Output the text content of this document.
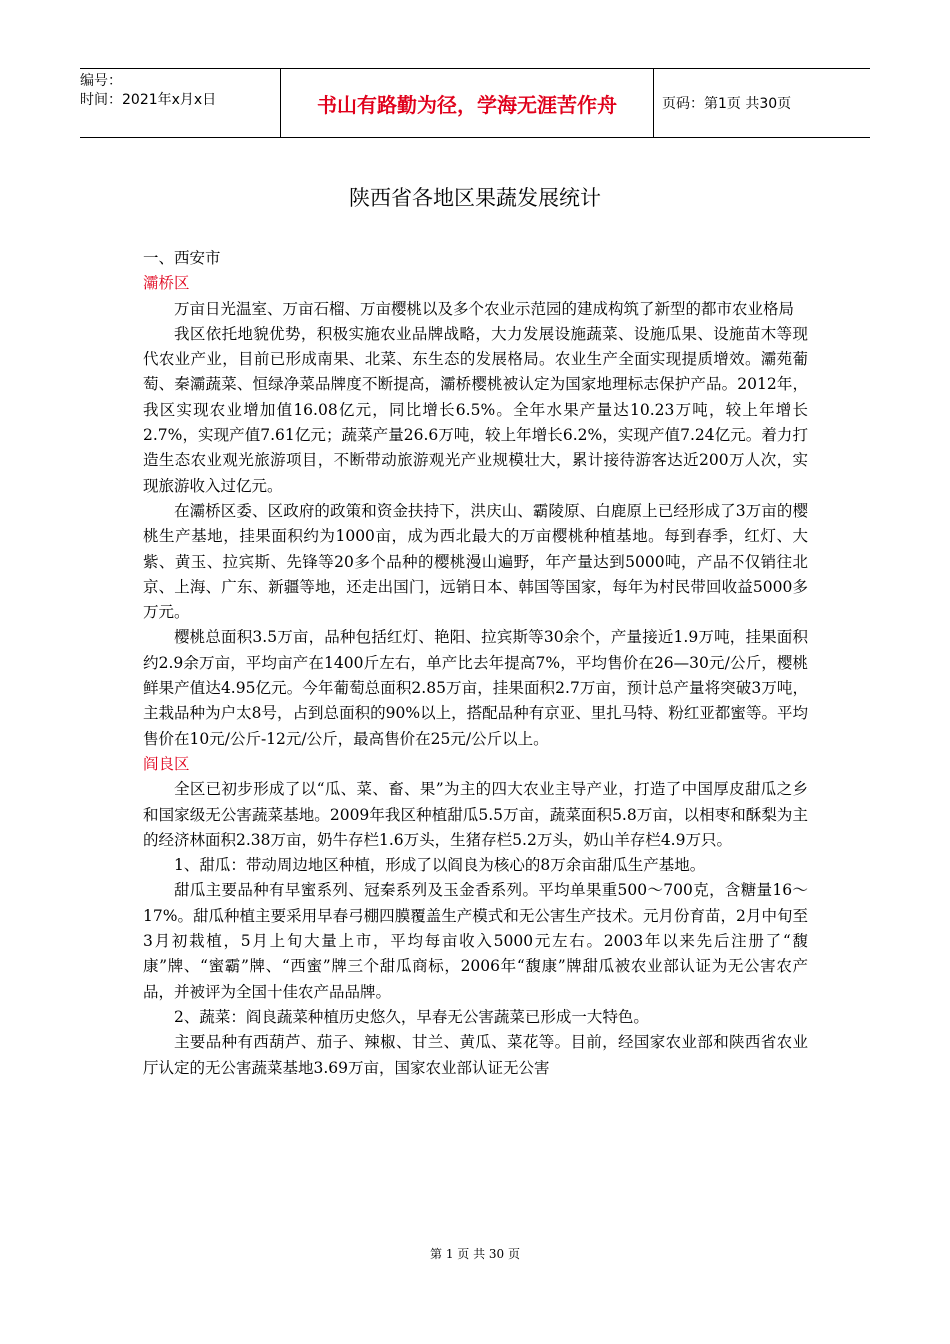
编号：
时间：2021年x月x日	书山有路勤为径，学海无涯苦作舟	页码：第1页 共30页
陕西省各地区果蔬发展统计

一、西安市

灞桥区

万亩日光温室、万亩石榴、万亩樱桃以及多个农业示范园的建成构筑了新型的都市农业格局

我区依托地貌优势，积极实施农业品牌战略，大力发展设施蔬菜、设施瓜果、设施苗木等现代农业产业，目前已形成南果、北菜、东生态的发展格局。农业生产全面实现提质增效。灞苑葡萄、秦灞蔬菜、恒绿净菜品牌度不断提高，灞桥樱桃被认定为国家地理标志保护产品。2012年，我区实现农业增加值16.08亿元，同比增长6.5%。全年水果产量达10.23万吨，较上年增长2.7%，实现产值7.61亿元；蔬菜产量26.6万吨，较上年增长6.2%，实现产值7.24亿元。着力打造生态农业观光旅游项目，不断带动旅游观光产业规模壮大，累计接待游客达近200万人次，实现旅游收入过亿元。

在灞桥区委、区政府的政策和资金扶持下，洪庆山、霸陵原、白鹿原上已经形成了3万亩的樱桃生产基地，挂果面积约为1000亩，成为西北最大的万亩樱桃种植基地。每到春季，红灯、大紫、黄玉、拉宾斯、先锋等20多个品种的樱桃漫山遍野，年产量达到5000吨，产品不仅销往北京、上海、广东、新疆等地，还走出国门，远销日本、韩国等国家，每年为村民带回收益5000多万元。

樱桃总面积3.5万亩，品种包括红灯、艳阳、拉宾斯等30余个，产量接近1.9万吨，挂果面积约2.9余万亩，平均亩产在1400斤左右，单产比去年提高7%，平均售价在26—30元/公斤，樱桃鲜果产值达4.95亿元。今年葡萄总面积2.85万亩，挂果面积2.7万亩，预计总产量将突破3万吨，主栽品种为户太8号，占到总面积的90%以上，搭配品种有京亚、里扎马特、粉红亚都蜜等。平均售价在10元/公斤-12元/公斤，最高售价在25元/公斤以上。

阎良区

全区已初步形成了以“瓜、菜、畜、果”为主的四大农业主导产业，打造了中国厚皮甜瓜之乡和国家级无公害蔬菜基地。2009年我区种植甜瓜5.5万亩，蔬菜面积5.8万亩，以相枣和酥梨为主的经济林面积2.38万亩，奶牛存栏1.6万头，生猪存栏5.2万头，奶山羊存栏4.9万只。

1、甜瓜：带动周边地区种植，形成了以阎良为核心的8万余亩甜瓜生产基地。

甜瓜主要品种有早蜜系列、冠秦系列及玉金香系列。平均单果重500～700克，含糖量16～17%。甜瓜种植主要采用早春弓棚四膜覆盖生产模式和无公害生产技术。元月份育苗，2月中旬至3月初栽植，5月上旬大量上市，平均每亩收入5000元左右。2003年以来先后注册了“馥康”牌、“蜜霸”牌、“西蜜”牌三个甜瓜商标，2006年“馥康”牌甜瓜被农业部认证为无公害农产品，并被评为全国十佳农产品品牌。

2、蔬菜：阎良蔬菜种植历史悠久，早春无公害蔬菜已形成一大特色。

主要品种有西葫芦、茄子、辣椒、甘兰、黄瓜、菜花等。目前，经国家农业部和陕西省农业厅认定的无公害蔬菜基地3.69万亩，国家农业部认证无公害

第 1 页 共 30 页
